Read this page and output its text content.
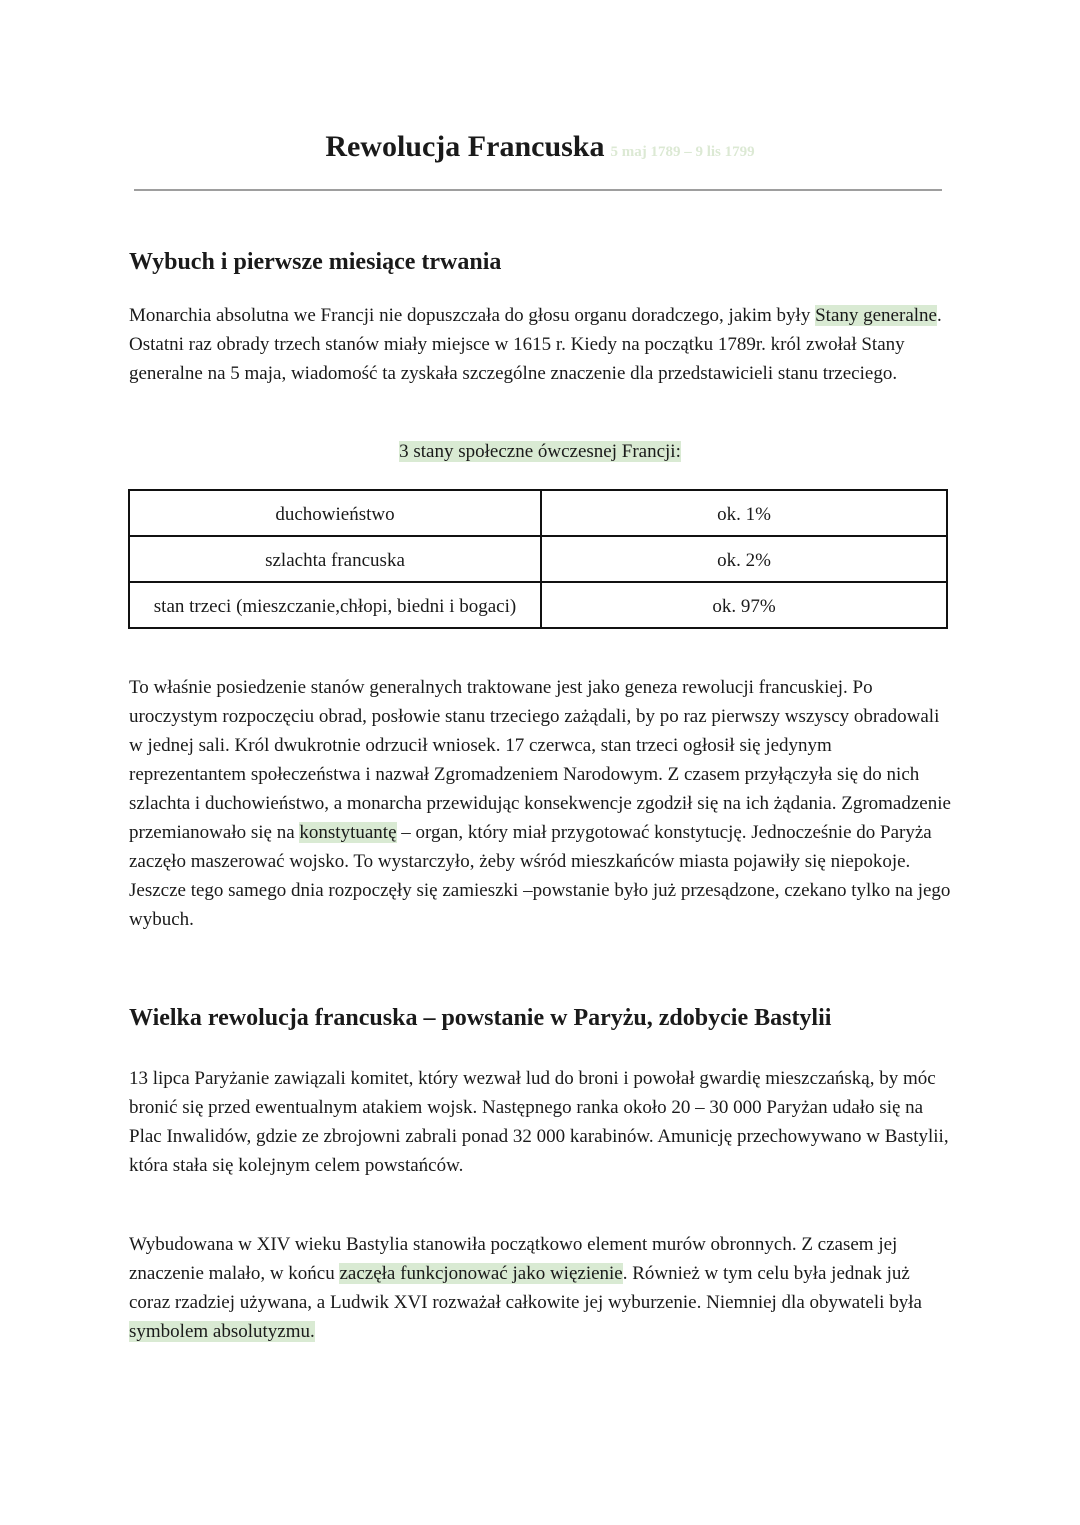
Rewolucja Francuska 5 maj 1789 – 9 lis 1799
Wybuch i pierwsze miesiące trwania

Monarchia absolutna we Francji nie dopuszczała do głosu organu doradczego, jakim były Stany generalne. Ostatni raz obrady trzech stanów miały miejsce w 1615 r. Kiedy na początku 1789r. król zwołał Stany generalne na 5 maja, wiadomość ta zyskała szczególne znaczenie dla przedstawicieli stanu trzeciego.

3 stany społeczne ówczesnej Francji:
duchowieństwo	ok. 1%
szlachta francuska	ok. 2%
stan trzeci (mieszczanie,chłopi, biedni i bogaci)	ok. 97%

To właśnie posiedzenie stanów generalnych traktowane jest jako geneza rewolucji francuskiej. Po uroczystym rozpoczęciu obrad, posłowie stanu trzeciego zażądali, by po raz pierwszy wszyscy obradowali w jednej sali. Król dwukrotnie odrzucił wniosek. 17 czerwca, stan trzeci ogłosił się jedynym reprezentantem społeczeństwa i nazwał Zgromadzeniem Narodowym. Z czasem przyłączyła się do nich szlachta i duchowieństwo, a monarcha przewidując konsekwencje zgodził się na ich żądania. Zgromadzenie przemianowało się na konstytuantę – organ, który miał przygotować konstytucję. Jednocześnie do Paryża zaczęło maszerować wojsko. To wystarczyło, żeby wśród mieszkańców miasta pojawiły się niepokoje. Jeszcze tego samego dnia rozpoczęły się zamieszki –powstanie było już przesądzone, czekano tylko na jego wybuch.

Wielka rewolucja francuska – powstanie w Paryżu, zdobycie Bastylii

13 lipca Paryżanie zawiązali komitet, który wezwał lud do broni i powołał gwardię mieszczańską, by móc bronić się przed ewentualnym atakiem wojsk. Następnego ranka około 20 – 30 000 Paryżan udało się na Plac Inwalidów, gdzie ze zbrojowni zabrali ponad 32 000 karabinów. Amunicję przechowywano w Bastylii, która stała się kolejnym celem powstańców.

Wybudowana w XIV wieku Bastylia stanowiła początkowo element murów obronnych. Z czasem jej znaczenie malało, w końcu zaczęła funkcjonować jako więzienie. Również w tym celu była jednak już coraz rzadziej używana, a Ludwik XVI rozważał całkowite jej wyburzenie. Niemniej dla obywateli była symbolem absolutyzmu.
